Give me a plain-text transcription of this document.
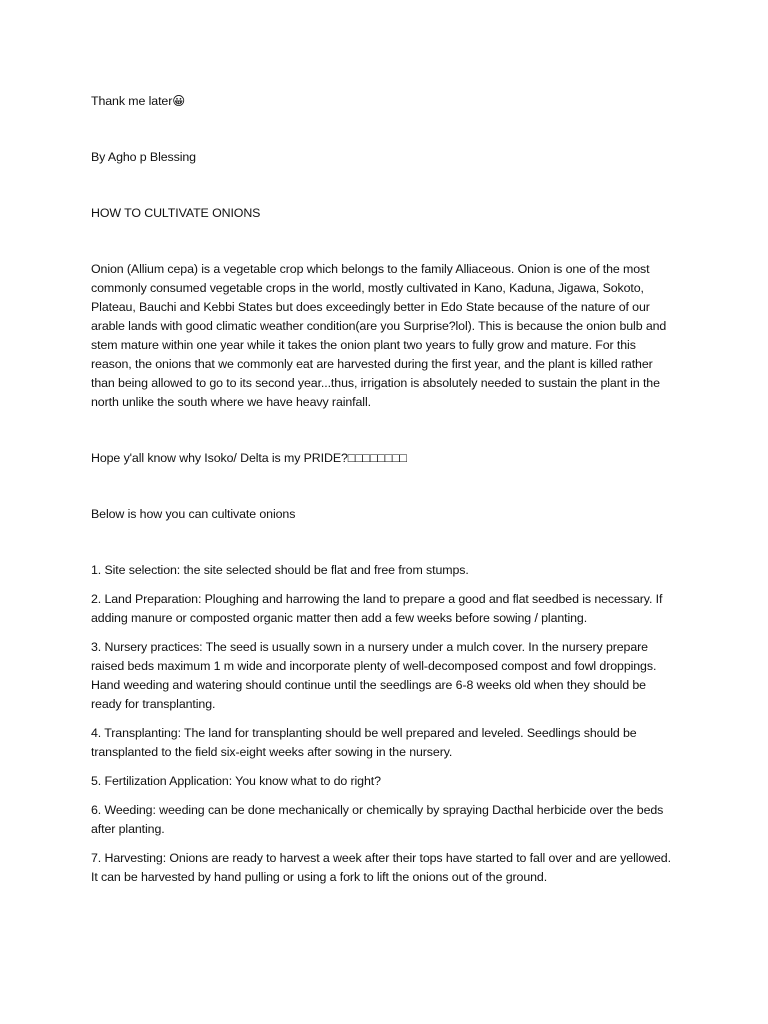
Thank me later😀

By Agho p Blessing

HOW TO CULTIVATE ONIONS

Onion (Allium cepa) is a vegetable crop which belongs to the family Alliaceous. Onion is one of the most commonly consumed vegetable crops in the world, mostly cultivated in Kano, Kaduna, Jigawa, Sokoto, Plateau, Bauchi and Kebbi States but does exceedingly better in Edo State because of the nature of our arable lands with good climatic weather condition(are you Surprise?lol). This is because the onion bulb and stem mature within one year while it takes the onion plant two years to fully grow and mature. For this reason, the onions that we commonly eat are harvested during the first year, and the plant is killed rather than being allowed to go to its second year...thus, irrigation is absolutely needed to sustain the plant in the north unlike the south where we have heavy rainfall.

Hope y'all know why Isoko/ Delta is my PRIDE?□□□□□□□□

Below is how you can cultivate onions

1. Site selection: the site selected should be flat and free from stumps.

2. Land Preparation: Ploughing and harrowing the land to prepare a good and flat seedbed is necessary. If adding manure or composted organic matter then add a few weeks before sowing / planting.

3. Nursery practices: The seed is usually sown in a nursery under a mulch cover. In the nursery prepare raised beds maximum 1 m wide and incorporate plenty of well-decomposed compost and fowl droppings. Hand weeding and watering should continue until the seedlings are 6-8 weeks old when they should be ready for transplanting.

4. Transplanting: The land for transplanting should be well prepared and leveled. Seedlings should be transplanted to the field six-eight weeks after sowing in the nursery.

5. Fertilization Application: You know what to do right?

6. Weeding: weeding can be done mechanically or chemically by spraying Dacthal herbicide over the beds after planting.

7. Harvesting: Onions are ready to harvest a week after their tops have started to fall over and are yellowed. It can be harvested by hand pulling or using a fork to lift the onions out of the ground.
